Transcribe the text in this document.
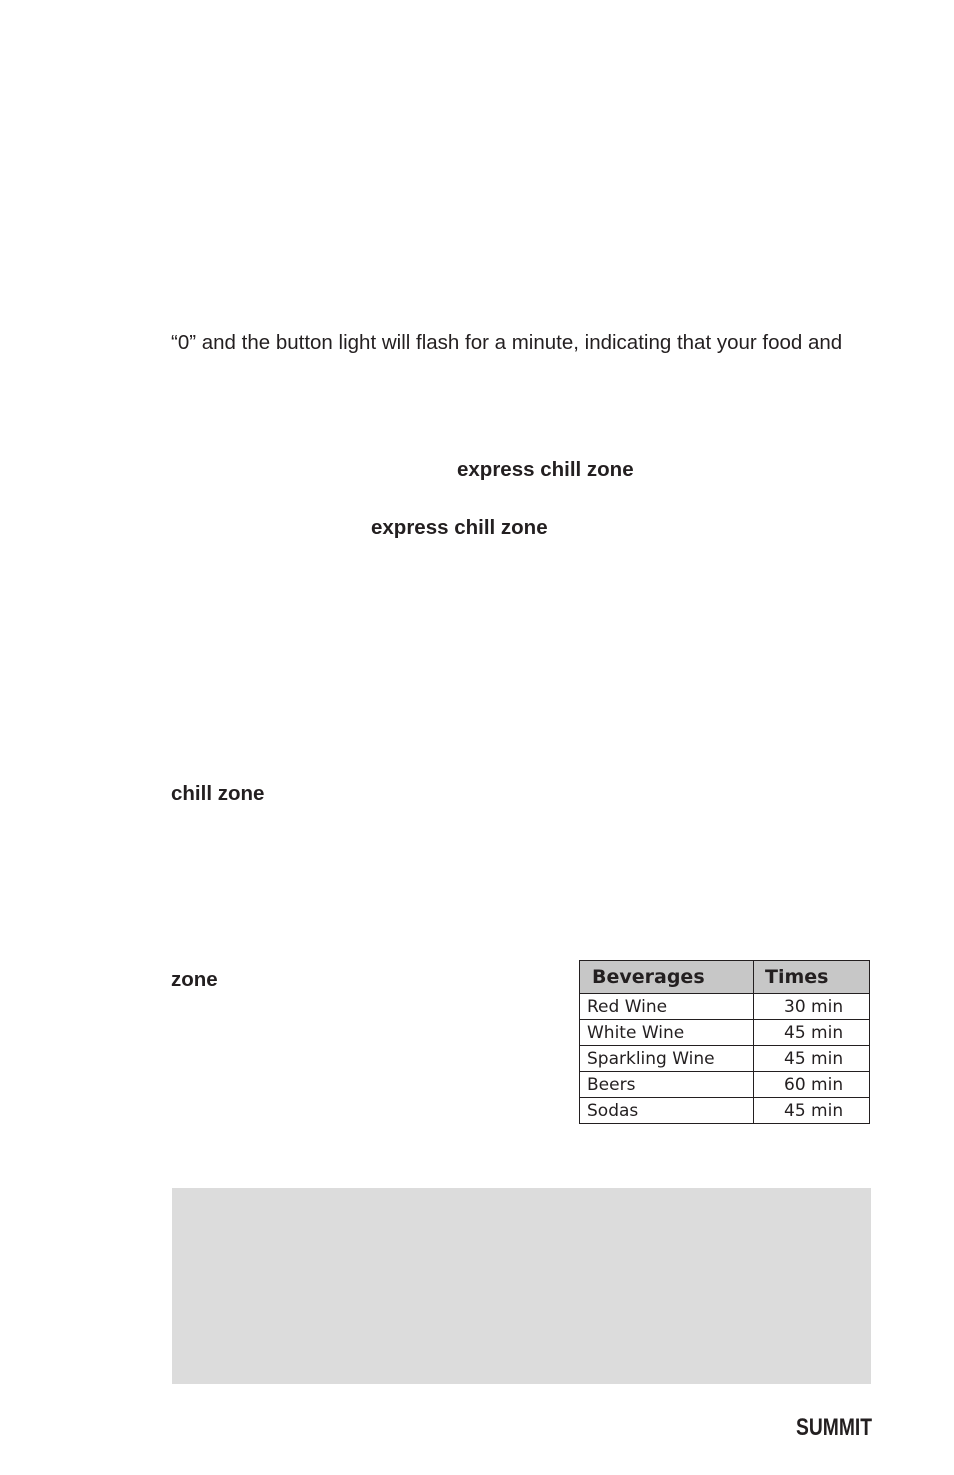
“0” and the button light will flash for a minute, indicating that your food and
express chill zone
express chill zone
chill zone
zone	Beverages	Times
Red Wine	30 min
White Wine	45 min
Sparkling Wine	45 min
Beers	60 min
Sodas	45 min
SUMMIT
